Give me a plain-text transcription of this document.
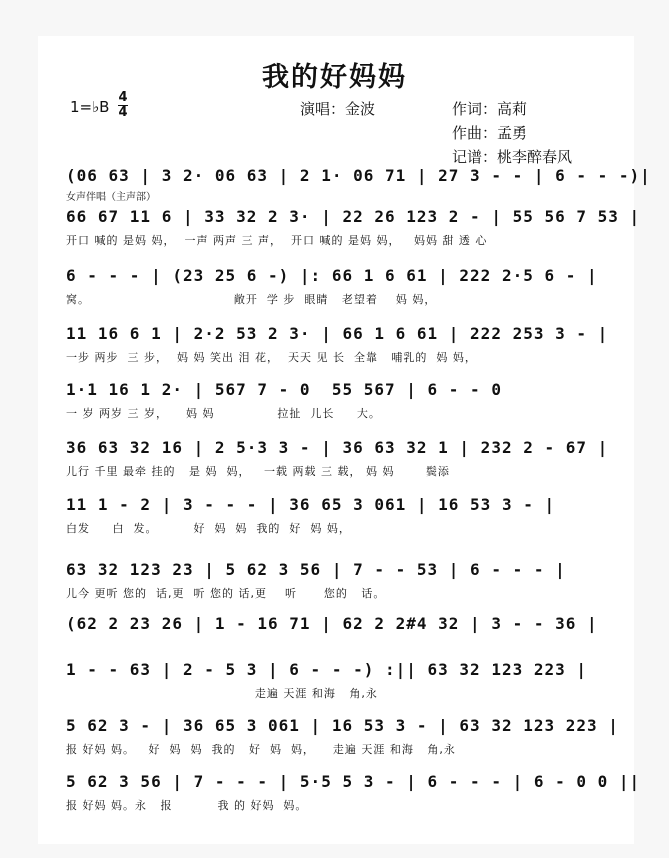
我的好妈妈
1=♭B
4
4	演唱：金波	作词：高莉
作曲：孟勇
记谱：桃李醉春风
(06 63 | 3 2· 06 63 | 2 1· 06 71 | 27 3 - - | 6 - - -)|
女声伴唱（主声部）
66 67 11 6 | 33 32 2 3· | 22 26 123 2 - | 55 56 7 53 |
开口 喊的 是妈 妈，  一声 两声 三 声，  开口 喊的 是妈 妈，   妈妈 甜 透 心
6 - - - | (23 25 6 -) |: 66 1 6 61 | 222 2·5 6 - |
窝。                                敞开  学 步  眼睛   老望着    妈 妈，
11 16 6 1 | 2·2 53 2 3· | 66 1 6 61 | 222 253 3 - |
一步 两步  三 步，  妈 妈 笑出 泪 花，  天天 见 长  全靠   哺乳的  妈 妈，
1·1 16 1 2· | 567 7 - 0  55 567 | 6 - - 0
一 岁 两岁 三 岁，    妈 妈              拉扯  儿长     大。
36 63 32 16 | 2 5·3 3 - | 36 63 32 1 | 232 2 - 67 |
儿行 千里 最牵 挂的   是 妈  妈，   一载 两载 三 载， 妈 妈       鬓添
11 1 - 2 | 3 - - - | 36 65 3 061 | 16 53 3 - |
白发     白  发。        好  妈  妈  我的  好  妈 妈，
63 32 123 23 | 5 62 3 56 | 7 - - 53 | 6 - - - |
儿今 更听 您的  话,更  听 您的 话,更    听      您的   话。
(62 2 23 26 | 1 - 16 71 | 62 2 2#4 32 | 3 - - 36 |
1 - - 63 | 2 - 5 3 | 6 - - -) :|| 63 32 123 223 |
走遍 天涯 和海   角,永
5 62 3 - | 36 65 3 061 | 16 53 3 - | 63 32 123 223 |
报 好妈 妈。   好  妈  妈  我的   好  妈  妈，    走遍 天涯 和海   角,永
5 62 3 56 | 7 - - - | 5·5 5 3 - | 6 - - - | 6 - 0 0 ||
报 好妈 妈。永   报          我 的 好妈  妈。
